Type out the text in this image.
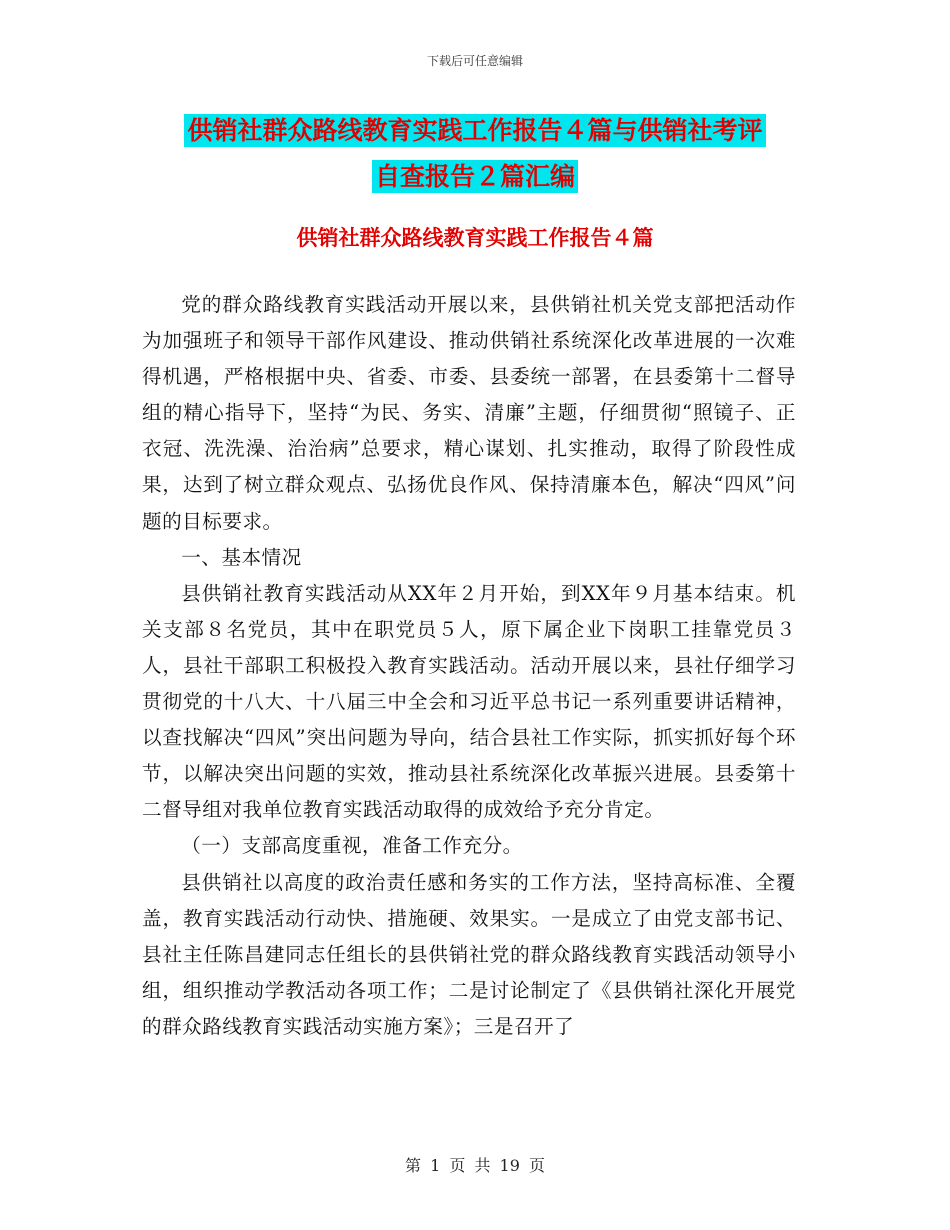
下载后可任意编辑
供销社群众路线教育实践工作报告４篇与供销社考评
自查报告２篇汇编
供销社群众路线教育实践工作报告４篇

党的群众路线教育实践活动开展以来，县供销社机关党支部把活动作为加强班子和领导干部作风建设、推动供销社系统深化改革进展的一次难得机遇，严格根据中央、省委、市委、县委统一部署，在县委第十二督导组的精心指导下，坚持“为民、务实、清廉”主题，仔细贯彻“照镜子、正衣冠、洗洗澡、治治病”总要求，精心谋划、扎实推动，取得了阶段性成果，达到了树立群众观点、弘扬优良作风、保持清廉本色，解决“四风”问题的目标要求。

一、基本情况

县供销社教育实践活动从XX年２月开始，到XX年９月基本结束。机关支部８名党员，其中在职党员５人，原下属企业下岗职工挂靠党员３人，县社干部职工积极投入教育实践活动。活动开展以来，县社仔细学习贯彻党的十八大、十八届三中全会和习近平总书记一系列重要讲话精神，以查找解决“四风”突出问题为导向，结合县社工作实际，抓实抓好每个环节，以解决突出问题的实效，推动县社系统深化改革振兴进展。县委第十二督导组对我单位教育实践活动取得的成效给予充分肯定。

（一）支部高度重视，准备工作充分。

县供销社以高度的政治责任感和务实的工作方法，坚持高标准、全覆盖，教育实践活动行动快、措施硬、效果实。一是成立了由党支部书记、县社主任陈昌建同志任组长的县供销社党的群众路线教育实践活动领导小组，组织推动学教活动各项工作；二是讨论制定了《县供销社深化开展党的群众路线教育实践活动实施方案》；三是召开了

第 1 页 共 19 页
